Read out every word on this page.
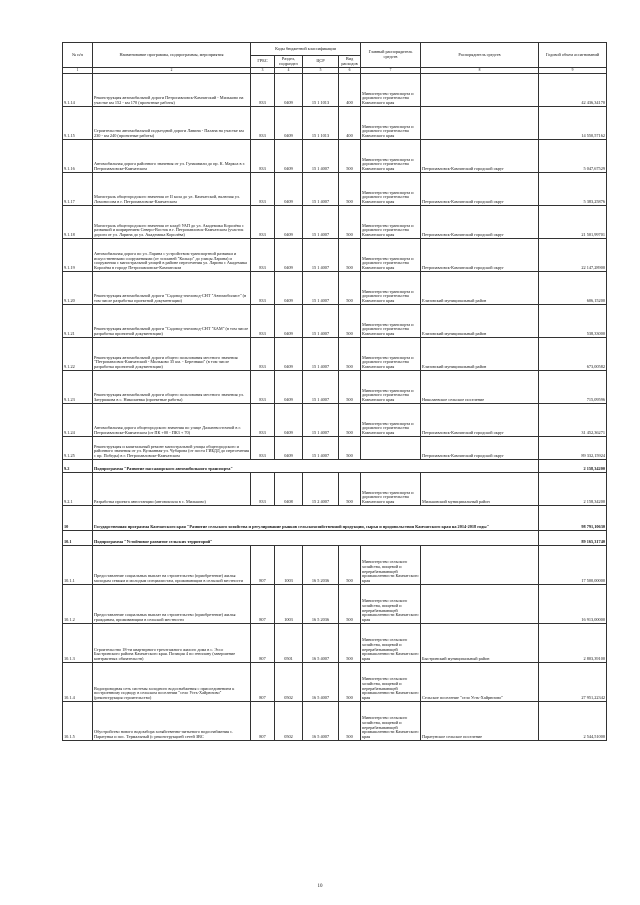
№ п/п	Наименование программы, подпрограммы, мероприятия	Коды бюджетной классификации				Главный распорядитель средств	Распорядитель средств	Годовой объем ассигнований
		ГРБС	Раздел, подраздел	ЦСР	Вид расходов			
1	2	3	4	5	6	7	8	9
9.1.14	Реконструкция автомобильной дороги Петропавловск-Камчатский - Мильково на участке км 152 - км 170 (проектные работы)	833	0409	15 1 1013	400	Министерство транспорта и дорожного строительства Камчатского края		42 436,34170
9.1.15	Строительство автомобильной подъездной дороги Лавина - Палана на участке км 230 - км 240 (проектные работы)	833	0409	15 1 1013	400	Министерство транспорта и дорожного строительства Камчатского края		14 550,57162
9.1.16	Автомобильная дорога районного значения от ул. Гунашвили до пр. К. Маркса в г. Петропавловске-Камчатском	833	0409	15 1 4007	500	Министерство транспорта и дорожного строительства Камчатского края	Петропавловск-Камчатский городской округ	5 047,67529
9.1.17	Магистраль общегородского значения от II кола до ул. Камчатской, включая ул. Ломоносова в г. Петропавловске-Камчатском	833	0409	15 1 4007	500	Министерство транспорта и дорожного строительства Камчатского края	Петропавловск-Камчатский городской округ	5 383,25876
9.1.18	Магистраль общегородского значения от кладб УАП до ул. Академика Королёва с развязкой и ширирением Северо-Восток в г. Петропавловск-Камчатском (участок дороги от ул. Ларина до ул. Академика Королёва)	833	0409	15 1 4007	500	Министерство транспорта и дорожного строительства Камчатского края	Петропавловск-Камчатский городской округ	21 501,99701
9.1.19	Автомобильная дорога по ул. Ларина с устройством транспортной развязки и искусственными сооружениями (от эспланей "Кольцо" до улицы Ларина) и сооружения с магистральной улицей в районе пересечения ул. Ларина с Академика Королёва в городе Петропавловске-Камчатском	833	0409	15 1 4007	500	Министерство транспорта и дорожного строительства Камчатского края	Петропавловск-Камчатский городской округ	22 147,28900
9.1.20	Реконструкция автомобильной дороги "Садовод-пчеловод-СНТ "Автомобилист" (в том числе разработка проектной документации)	833	0409	15 1 4007	500	Министерство транспорта и дорожного строительства Камчатского края	Елизовский муниципальный район	606,15200
9.1.21	Реконструкция автомобильной дороги "Садовод-пчеловод-СНТ "БАМ" (в том числе разработка проектной документации)	833	0409	15 1 4007	500	Министерство транспорта и дорожного строительства Камчатского края	Елизовский муниципальный район	538,33000
9.1.22	Реконструкция автомобильной дороги общего пользования местного значения "Петропавловск-Камчатский - Мильково 35 км. - Березняки" (в том числе разработка проектной документации)	833	0409	15 1 4007	500	Министерство транспорта и дорожного строительства Камчатского края	Елизовский муниципальный район	673,00582
9.1.23	Реконструкция автомобильной дороги общего пользования местного значения ул. Затуршкова в с. Николаевка (проектные работы)	833	0409	15 1 4007	500	Министерство транспорта и дорожного строительства Камчатского края	Николаевское сельское поселение	715,09596
9.1.24	Автомобильная дорога общегородского значения по улице Дальневосточной в г. Петропавловске-Камчатском (от ПК +00 - ПК3 + 70)	833	0409	15 1 4007	500	Министерство транспорта и дорожного строительства Камчатского края	Петропавловск-Камчатский городской округ	31 452,36271
9.1.25	Реконструкция и капитальный ремонт магистральной улицы общегородского и районного значения от ул. Вулканная-ул. Чубарова (от поста ГИБДД до пересечения с пр. Победы) в г. Петропавловске-Камчатском	833	0409	15 1 4007	500		Петропавловск-Камчатский городской округ	89 332,15924
9.2	Подпрограмма "Развитие пассажирского автомобильного транспорта"							2 158,34200
9.2.1	Разработка проекта автостанции (автовокзала в с. Мильково)	833	0408	15 2 4007	500	Министерство транспорта и дорожного строительства Камчатского края	Мильковский муниципальный район	2 158,34200
10	Государственная программа Камчатского края "Развитие сельского хозяйства и регулирование рынков сельскохозяйственной продукции, сырья и продовольствия Камчатского края на 2014-2018 годы"							98 791,10630
10.1	Подпрограмма "Устойчивое развитие сельских территорий"							89 165,31740
10.1.1	Предоставление социальных выплат на строительство (приобретение) жилья молодым семьям и молодым специалистам, проживающим в сельской местности	807	1003	16 5 2036	500	Министерство сельского хозяйства, пищевой и перерабатывающей промышленности Камчатского края		17 500,00000
10.1.2	Предоставление социальных выплат на строительство (приобретение) жилья гражданам, проживающим в сельской местности	807	1003	16 5 2036	500	Министерство сельского хозяйства, пищевой и перерабатывающей промышленности Камчатского края		16 913,00000
10.1.3	Строительство 18-ти квартирного трехэтажного жилого дома в с. Эссо Быстринского района Камчатского края. Позиция 4 по генплану (завершение контрактных обязательств)	807	0501	16 5 4007	500	Министерство сельского хозяйства, пищевой и перерабатывающей промышленности Камчатского края	Быстринский муниципальный район	2 803,39100
10.1.4	Водопроводная сеть системы холодного водоснабжения с присоединением к построенному подводу в сельском поселении "село Усть-Хайрюзово" (реконструкция строительство)	807	0502	16 5 4007	500	Министерство сельского хозяйства, пищевой и перерабатывающей промышленности Камчатского края	Сельское поселение "село Усть-Хайрюзово"	27 951,22342
10.1.5	Обустройство нового водозабора хозяйственно-питьевого водоснабжения с. Паратунка и пос. Термальный (с реконструкцией сетей ЗВС	807	0502	16 5 4007	500	Министерство сельского хозяйства, пищевой и перерабатывающей промышленности Камчатского края	Паратунское сельское поселение	2 544,51000
10
